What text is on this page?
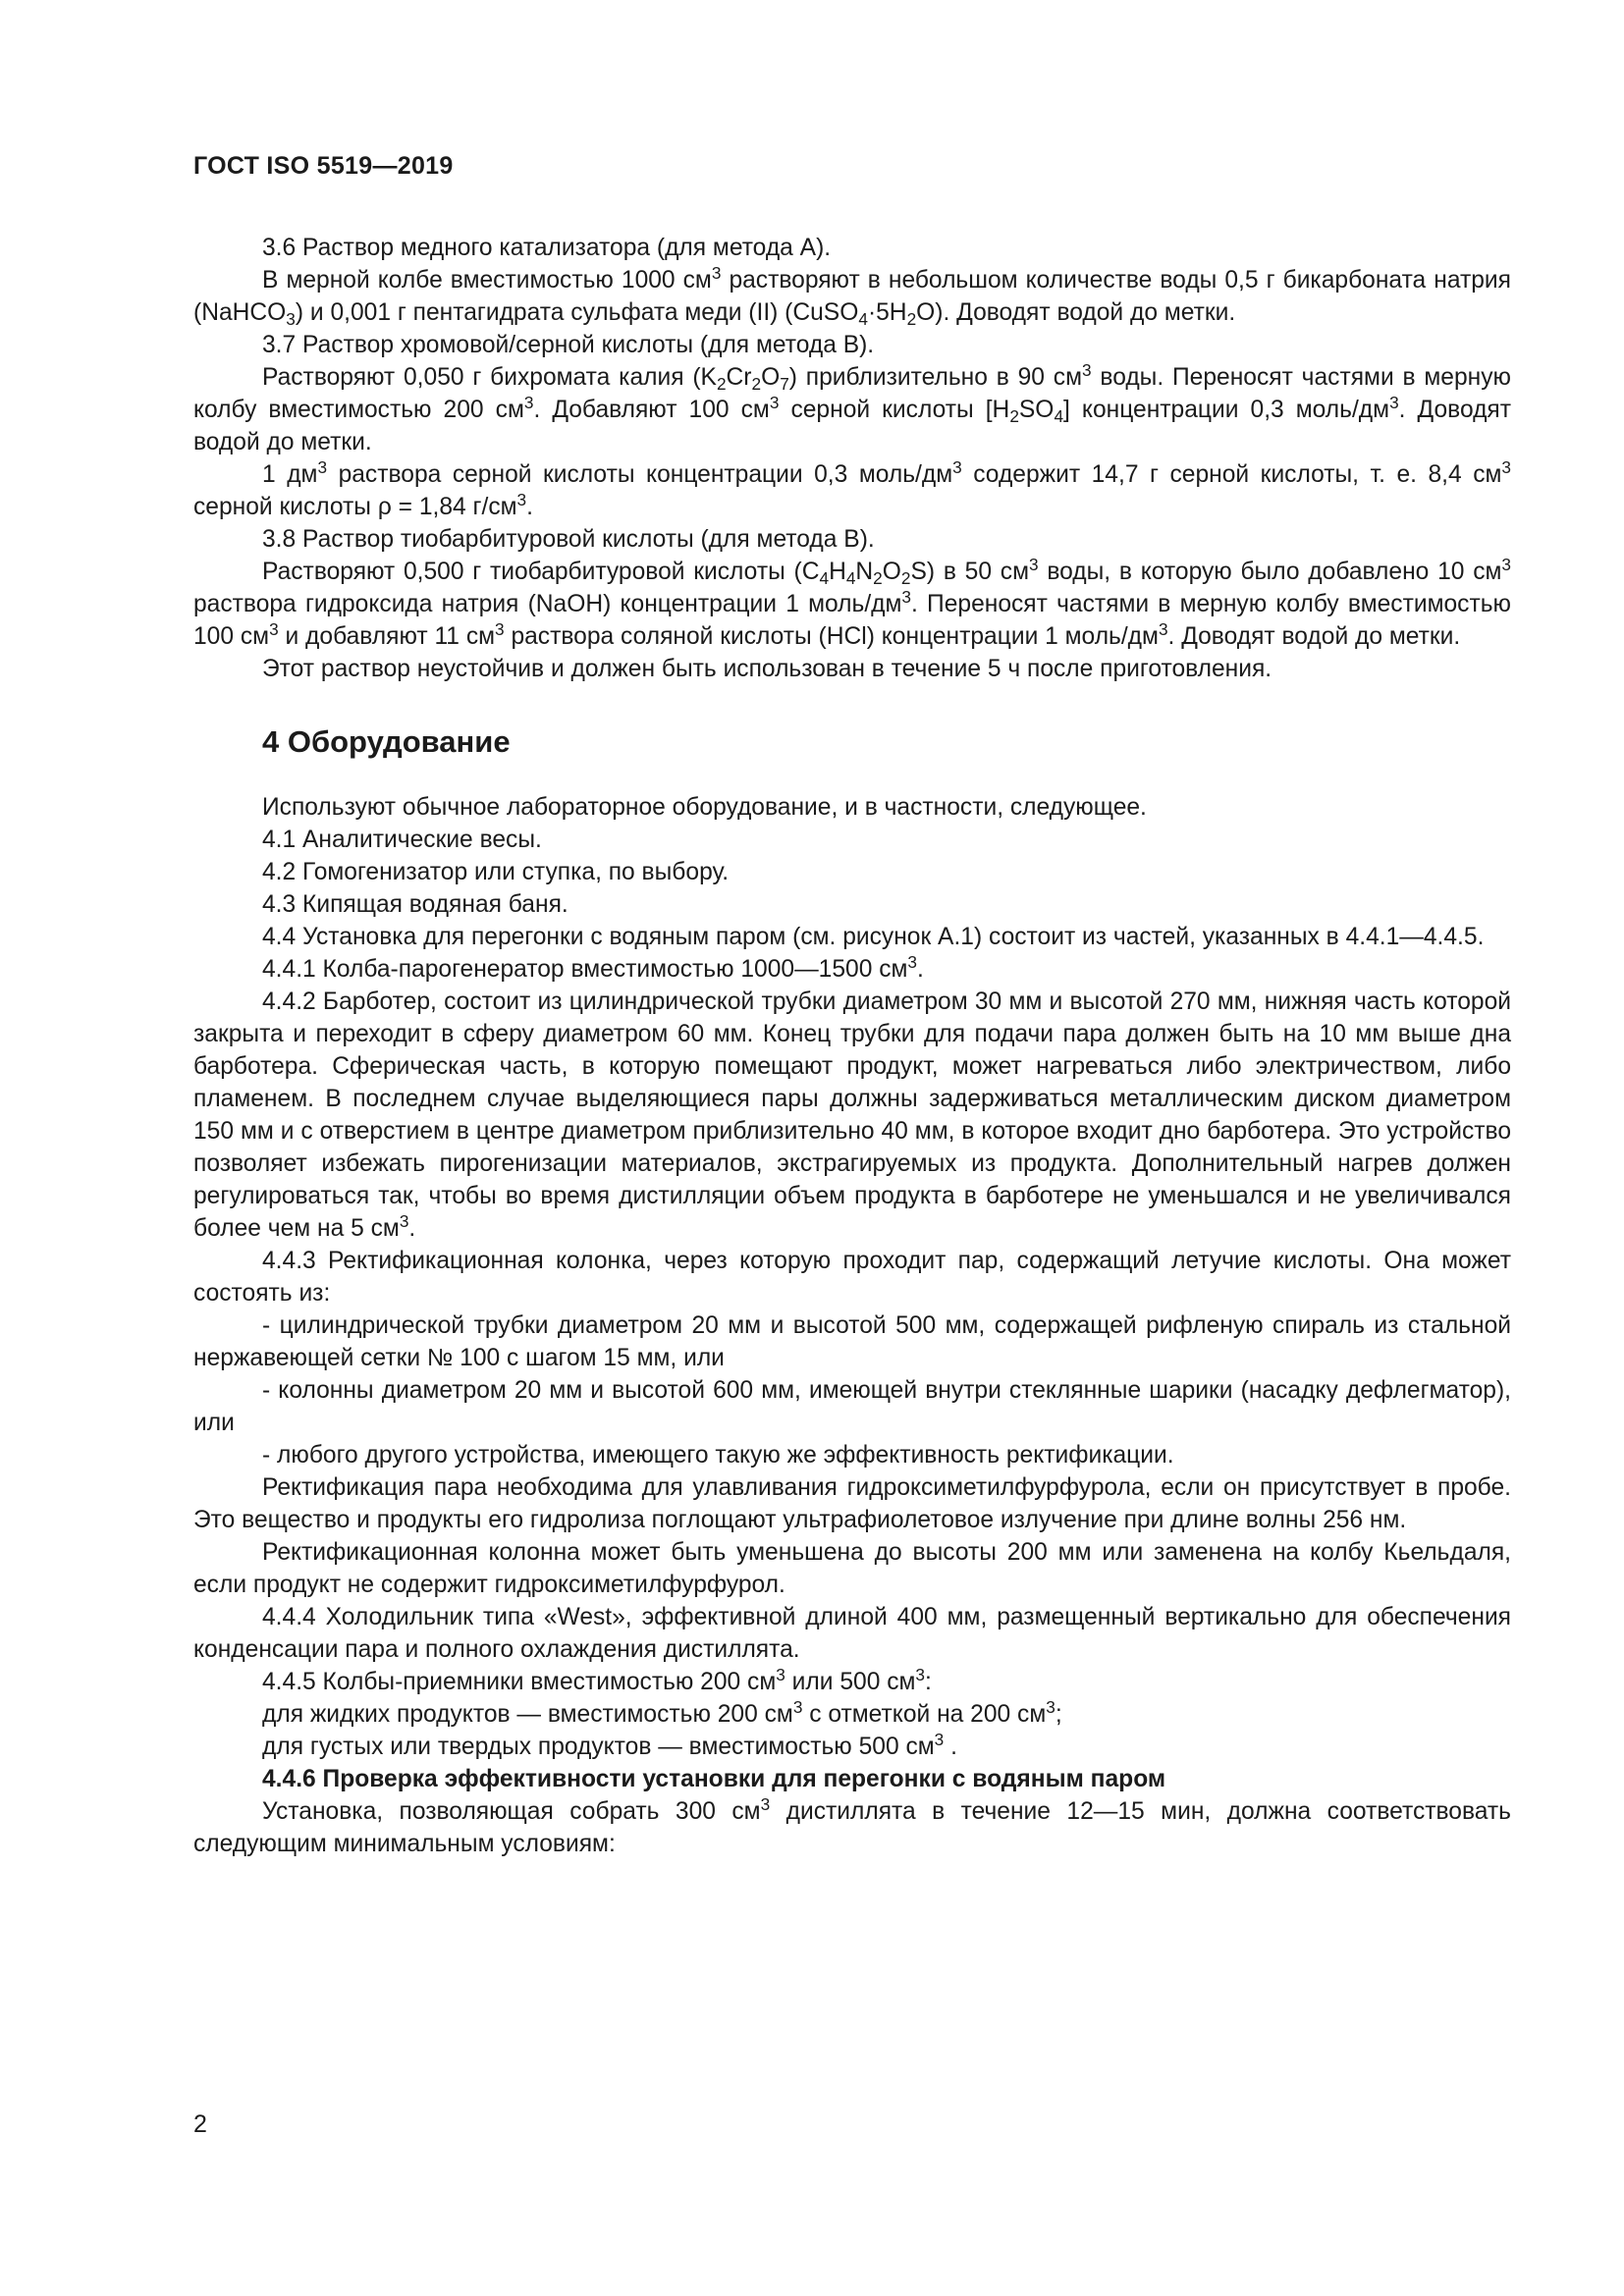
ГОСТ ISO 5519—2019
3.6 Раствор медного катализатора (для метода А).
В мерной колбе вместимостью 1000 $см^3$ растворяют в небольшом количестве воды 0,5 г бикарбоната натрия (NaHCO$_3$) и 0,001 г пентагидрата сульфата меди (II) $(CuSO_4\cdot 5H_2O)$. Доводят водой до метки.
3.7 Раствор хромовой/серной кислоты (для метода В).
Растворяют 0,050 г бихромата калия $(K_2Cr_2O_7)$ приблизительно в 90 $см^3$ воды. Переносят частями в мерную колбу вместимостью 200 $см^3$. Добавляют 100 $см^3$ серной кислоты $[H_2SO_4]$ концентрации 0,3 моль/$дм^3$. Доводят водой до метки.
1 $дм^3$ раствора серной кислоты концентрации 0,3 моль/$дм^3$ содержит 14,7 г серной кислоты, т. е. 8,4 $см^3$ серной кислоты ρ = 1,84 $г/см^3$.
3.8 Раствор тиобарбитуровой кислоты (для метода В).
Растворяют 0,500 г тиобарбитуровой кислоты $(C_4H_4N_2O_2S)$ в 50 $см^3$ воды, в которую было добавлено 10 $см^3$ раствора гидроксида натрия (NaOH) концентрации 1 моль/$дм^3$. Переносят частями в мерную колбу вместимостью 100 $см^3$ и добавляют 11 $см^3$ раствора соляной кислоты (HCl) концентрации 1 моль/$дм^3$. Доводят водой до метки.
Этот раствор неустойчив и должен быть использован в течение 5 ч после приготовления.
4 Оборудование
Используют обычное лабораторное оборудование, и в частности, следующее.
4.1 Аналитические весы.
4.2 Гомогенизатор или ступка, по выбору.
4.3 Кипящая водяная баня.
4.4 Установка для перегонки с водяным паром (см. рисунок А.1) состоит из частей, указанных в 4.4.1—4.4.5.
4.4.1 Колба-парогенератор вместимостью 1000—1500 $см^3$.
4.4.2 Барботер, состоит из цилиндрической трубки диаметром 30 мм и высотой 270 мм, нижняя часть которой закрыта и переходит в сферу диаметром 60 мм. Конец трубки для подачи пара должен быть на 10 мм выше дна барботера. Сферическая часть, в которую помещают продукт, может нагреваться либо электричеством, либо пламенем. В последнем случае выделяющиеся пары должны задерживаться металлическим диском диаметром 150 мм и с отверстием в центре диаметром приблизительно 40 мм, в которое входит дно барботера. Это устройство позволяет избежать пирогенизации материалов, экстрагируемых из продукта. Дополнительный нагрев должен регулироваться так, чтобы во время дистилляции объем продукта в барботере не уменьшался и не увеличивался более чем на 5 $см^3$.
4.4.3 Ректификационная колонка, через которую проходит пар, содержащий летучие кислоты. Она может состоять из:
- цилиндрической трубки диаметром 20 мм и высотой 500 мм, содержащей рифленую спираль из стальной нержавеющей сетки № 100 с шагом 15 мм, или
- колонны диаметром 20 мм и высотой 600 мм, имеющей внутри стеклянные шарики (насадку дефлегматор), или
- любого другого устройства, имеющего такую же эффективность ректификации.
Ректификация пара необходима для улавливания гидроксиметилфурфурола, если он присутствует в пробе. Это вещество и продукты его гидролиза поглощают ультрафиолетовое излучение при длине волны 256 нм.
Ректификационная колонна может быть уменьшена до высоты 200 мм или заменена на колбу Кьельдаля, если продукт не содержит гидроксиметилфурфурол.
4.4.4 Холодильник типа «West», эффективной длиной 400 мм, размещенный вертикально для обеспечения конденсации пара и полного охлаждения дистиллята.
4.4.5 Колбы-приемники вместимостью 200 $см^3$ или 500 $см^3$:
для жидких продуктов — вместимостью 200 $см^3$ с отметкой на 200 $см^3$;
для густых или твердых продуктов — вместимостью 500 $см^3$ .
4.4.6 Проверка эффективности установки для перегонки с водяным паром
Установка, позволяющая собрать 300 $см^3$ дистиллята в течение 12—15 мин, должна соответствовать следующим минимальным условиям:
2
